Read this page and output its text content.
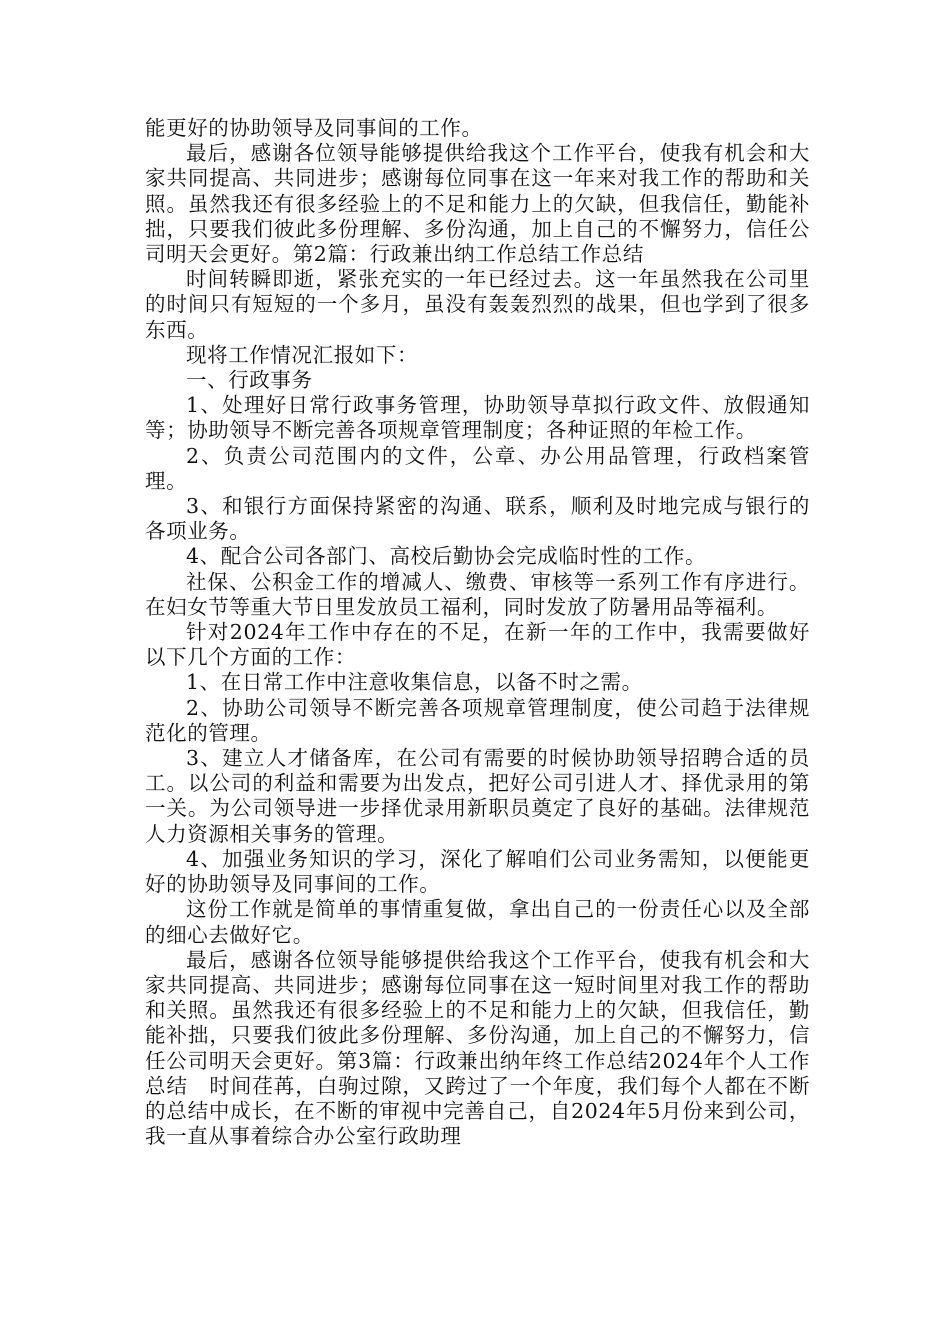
能更好的协助领导及同事间的工作。

最后，感谢各位领导能够提供给我这个工作平台，使我有机会和大家共同提高、共同进步；感谢每位同事在这一年来对我工作的帮助和关照。虽然我还有很多经验上的不足和能力上的欠缺，但我信任，勤能补拙，只要我们彼此多份理解、多份沟通，加上自己的不懈努力，信任公司明天会更好。第2篇：行政兼出纳工作总结工作总结

时间转瞬即逝，紧张充实的一年已经过去。这一年虽然我在公司里的时间只有短短的一个多月，虽没有轰轰烈烈的战果，但也学到了很多东西。

现将工作情况汇报如下：

一、行政事务

1、处理好日常行政事务管理，协助领导草拟行政文件、放假通知等；协助领导不断完善各项规章管理制度；各种证照的年检工作。

2、负责公司范围内的文件，公章、办公用品管理，行政档案管理。

3、和银行方面保持紧密的沟通、联系，顺利及时地完成与银行的各项业务。

4、配合公司各部门、高校后勤协会完成临时性的工作。

社保、公积金工作的增减人、缴费、审核等一系列工作有序进行。在妇女节等重大节日里发放员工福利，同时发放了防暑用品等福利。

针对2024年工作中存在的不足，在新一年的工作中，我需要做好以下几个方面的工作：

1、在日常工作中注意收集信息，以备不时之需。

2、协助公司领导不断完善各项规章管理制度，使公司趋于法律规范化的管理。

3、建立人才储备库，在公司有需要的时候协助领导招聘合适的员工。以公司的利益和需要为出发点，把好公司引进人才、择优录用的第一关。为公司领导进一步择优录用新职员奠定了良好的基础。法律规范人力资源相关事务的管理。

4、加强业务知识的学习，深化了解咱们公司业务需知，以便能更好的协助领导及同事间的工作。

这份工作就是简单的事情重复做，拿出自己的一份责任心以及全部的细心去做好它。

最后，感谢各位领导能够提供给我这个工作平台，使我有机会和大家共同提高、共同进步；感谢每位同事在这一短时间里对我工作的帮助和关照。虽然我还有很多经验上的不足和能力上的欠缺，但我信任，勤能补拙，只要我们彼此多份理解、多份沟通，加上自己的不懈努力，信任公司明天会更好。第3篇：行政兼出纳年终工作总结2024年个人工作总结　时间荏苒，白驹过隙，又跨过了一个年度，我们每个人都在不断的总结中成长，在不断的审视中完善自己，自2024年5月份来到公司，我一直从事着综合办公室行政助理
